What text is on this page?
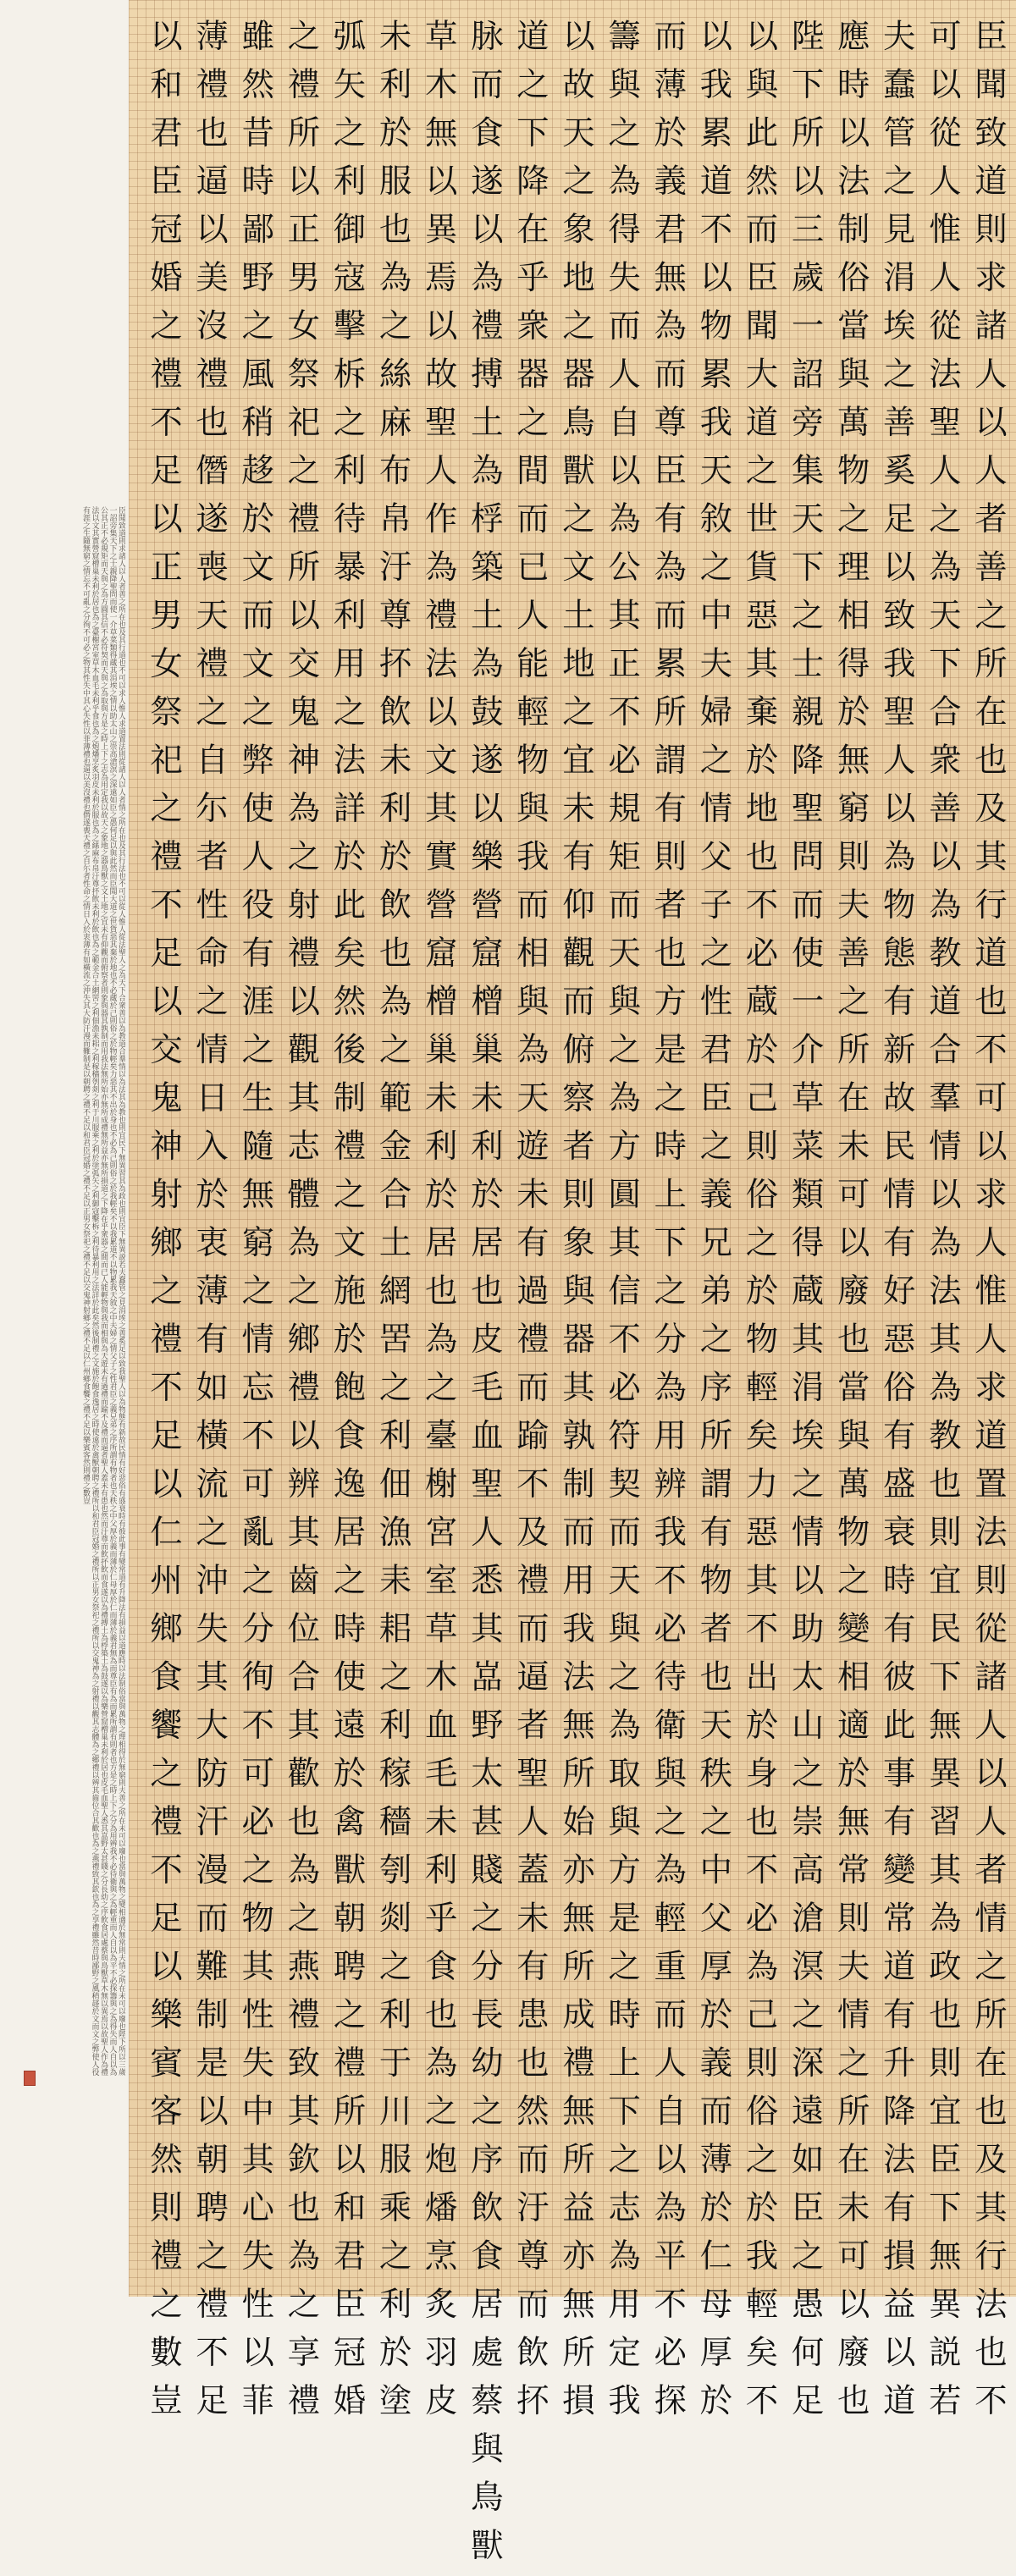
臣聞致道則求諸人以人者善之所在也及其行道也不可以求人惟人求道置法則從諸人以人者情之所在也及其行法也不可以從人惟人從法聖人之為天下合衆善以為教道合羣情以為法其為教也則宜民下無異習其為政也則宜臣下無異説若夫蠢管之見涓埃之善奚足以致我聖人以為物態有新故民情有好惡俗有盛衰時有彼此事有變常道有升降法有損益以道應時以法制俗當與萬物之理相得於無窮則夫善之所在未可以廢也當與萬物之變相適於無常則夫情之所在未可以廢也陛下所以三歲一詔旁集天下之士親降聖問而使一介草菜類得蔵其涓埃之情以助太山之崇高滄溟之深遠如臣之愚何足以與此然而臣聞大道之世貨惡其棄於地也不必蔵於己則俗之於物輕矣力惡其不出於身也不必為己則俗之於我輕矣不以我累道不以物累我天敘之中夫婦之情父子之性君臣之義兄弟之序所謂有物者也天秩之中父厚於義而薄於仁母厚於仁而薄於義君無為而尊臣有為而累所謂有則者也方是之時上下之分為用辨我不必待衛與之為輕重而人自以為平不必探籌與之為得失而人自以為公其正不必規矩而天與之為方圓其信不必符契而天與之為取與方是之時上下之志為用定我以故天之象地之器鳥獸之文土地之宜未有仰觀而俯察者則象與器其孰制而用我法無所始亦無所成禮無所益亦無所損道之下降在乎衆器之間而已人能輕物與我而相與為天遊未有過禮而踰不及禮而逼者聖人蓋未有患也然而汙尊而飲抔飲而食遂以為禮搏土為桴築土為鼓遂以為樂營窟橧巢未利於居也皮毛血聖人悉其嵓野太甚賤之分長幼之序飲食居處蔡與鳥獸草木無以異焉以故聖人作為禮法以文其實營窟橧巢未利於居也為之臺榭宮室草木血毛未利乎食也為之炮燔烹炙羽皮未利於服也為之絲麻布帛汙尊抔飲未利於飲也為之範金合土網罟之利佃漁耒耜之利稼穡刳剡之利于川服乘之利於塗弧矢之利御寇擊柝之利待暴利用之法詳於此矣然後制禮之文施於飽食逸居之時使遠於禽獸朝聘之禮所以和君臣冠婚之禮所以正男女祭祀之禮所以交鬼神為之射禮以觀其志體為之鄉禮以辨其齒位合其歡也為之燕禮致其欽也為之享禮雖然昔時鄙野之風稍趍於文而文之弊使人役有涯之生隨無窮之情忘不可亂之分徇不可必之物其性失中其心失性以菲薄禮也逼以美沒禮也僭遂喪天禮之自尓者性命之情日入於衷薄有如橫流之沖失其大防汗漫而難制是以朝聘之禮不足以和君臣冠婚之禮不足以正男女祭祀之禮不足以交鬼神射鄉之禮不足以仁州鄉食饗之禮不足以樂賓客然則禮之數豈	臣聞致道則求諸人以人者善之所在也及其行道也不可以求人惟人求道置法則從諸人以人者情之所在也及其行法也不
可以從人惟人從法聖人之為天下合衆善以為教道合羣情以為法其為教也則宜民下無異習其為政也則宜臣下無異説若
夫蠢管之見涓埃之善奚足以致我聖人以為物態有新故民情有好惡俗有盛衰時有彼此事有變常道有升降法有損益以道
應時以法制俗當與萬物之理相得於無窮則夫善之所在未可以廢也當與萬物之變相適於無常則夫情之所在未可以廢也
陛下所以三歲一詔旁集天下之士親降聖問而使一介草菜類得蔵其涓埃之情以助太山之崇高滄溟之深遠如臣之愚何足
以與此然而臣聞大道之世貨惡其棄於地也不必蔵於己則俗之於物輕矣力惡其不出於身也不必為己則俗之於我輕矣不
以我累道不以物累我天敘之中夫婦之情父子之性君臣之義兄弟之序所謂有物者也天秩之中父厚於義而薄於仁母厚於
而薄於義君無為而尊臣有為而累所謂有則者也方是之時上下之分為用辨我不必待衛與之為輕重而人自以為平不必探
籌與之為得失而人自以為公其正不必規矩而天與之為方圓其信不必符契而天與之為取與方是之時上下之志為用定我
以故天之象地之器鳥獸之文土地之宜未有仰觀而俯察者則象與器其孰制而用我法無所始亦無所成禮無所益亦無所損
道之下降在乎衆器之間而已人能輕物與我而相與為天遊未有過禮而踰不及禮而逼者聖人蓋未有患也然而汙尊而飲抔
脉而食遂以為禮搏土為桴築土為鼓遂以樂營窟橧巢未利於居也皮毛血聖人悉其嵓野太甚賤之分長幼之序飲食居處蔡與鳥獸
草木無以異焉以故聖人作為禮法以文其實營窟橧巢未利於居也為之臺榭宮室草木血毛未利乎食也為之炮燔烹炙羽皮
未利於服也為之絲麻布帛汙尊抔飲未利於飲也為之範金合土網罟之利佃漁耒耜之利稼穡刳剡之利于川服乘之利於塗
弧矢之利御寇擊柝之利待暴利用之法詳於此矣然後制禮之文施於飽食逸居之時使遠於禽獸朝聘之禮所以和君臣冠婚
之禮所以正男女祭祀之禮所以交鬼神為之射禮以觀其志體為之鄉禮以辨其齒位合其歡也為之燕禮致其欽也為之享禮
雖然昔時鄙野之風稍趍於文而文之弊使人役有涯之生隨無窮之情忘不可亂之分徇不可必之物其性失中其心失性以菲
薄禮也逼以美沒禮也僭遂喪天禮之自尓者性命之情日入於衷薄有如橫流之沖失其大防汗漫而難制是以朝聘之禮不足
以和君臣冠婚之禮不足以正男女祭祀之禮不足以交鬼神射鄉之禮不足以仁州鄉食饗之禮不足以樂賓客然則禮之數豈
